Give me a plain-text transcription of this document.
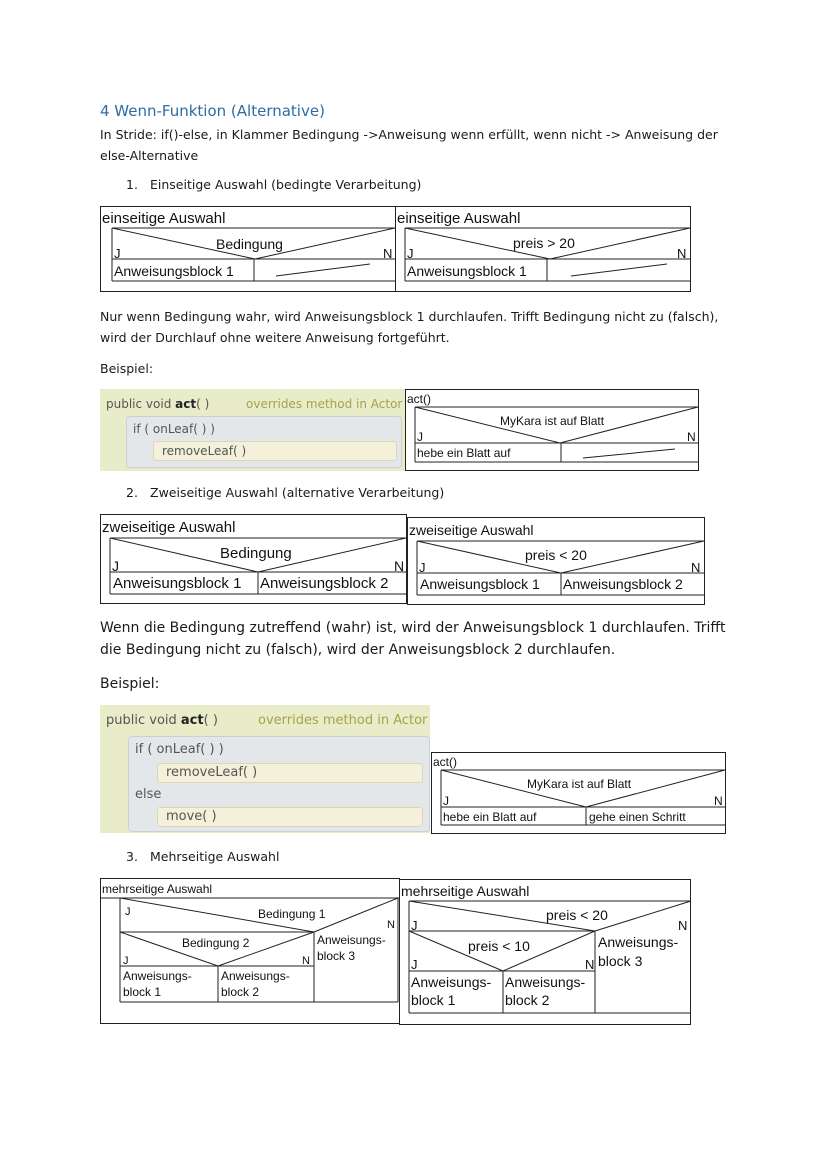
4 Wenn-Funktion (Alternative)
In Stride: if()-else, in Klammer Bedingung ->Anweisung wenn erfüllt, wenn nicht -> Anweisung der
else-Alternative
1. Einseitige Auswahl (bedingte Verarbeitung)
einseitige Auswahl
Bedingung
J	N
Anweisungsblock 1
einseitige Auswahl
preis > 20
J	N
Anweisungsblock 1
Nur wenn Bedingung wahr, wird Anweisungsblock 1 durchlaufen. Trifft Bedingung nicht zu (falsch),
wird der Durchlauf ohne weitere Anweisung fortgeführt.
Beispiel:
public void act( )	overrides method in Actor
if ( onLeaf( ) )
removeLeaf( )
act()
MyKara ist auf Blatt
J	N
hebe ein Blatt auf
2. Zweiseitige Auswahl (alternative Verarbeitung)
zweiseitige Auswahl
Bedingung
J	N
Anweisungsblock 1 Anweisungsblock 2
zweiseitige Auswahl
preis < 20
J	N
Anweisungsblock 1 Anweisungsblock 2
Wenn die Bedingung zutreffend (wahr) ist, wird der Anweisungsblock 1 durchlaufen. Trifft
die Bedingung nicht zu (falsch), wird der Anweisungsblock 2 durchlaufen.
Beispiel:
public void act( )	overrides method in Actor
if ( onLeaf( ) )
removeLeaf( )
else
move( )
act()
MyKara ist auf Blatt
J	N
hebe ein Blatt auf	gehe einen Schritt
3. Mehrseitige Auswahl
mehrseitige Auswahl
Bedingung 1
J
N
Bedingung 2
J	N
Anweisungs-
block 3
Anweisungs-
block 1
Anweisungs-
block 2
mehrseitige Auswahl
preis < 20
J	N
preis < 10
J	N
Anweisungs-
block 3
Anweisungs-
block 1
Anweisungs-
block 2
